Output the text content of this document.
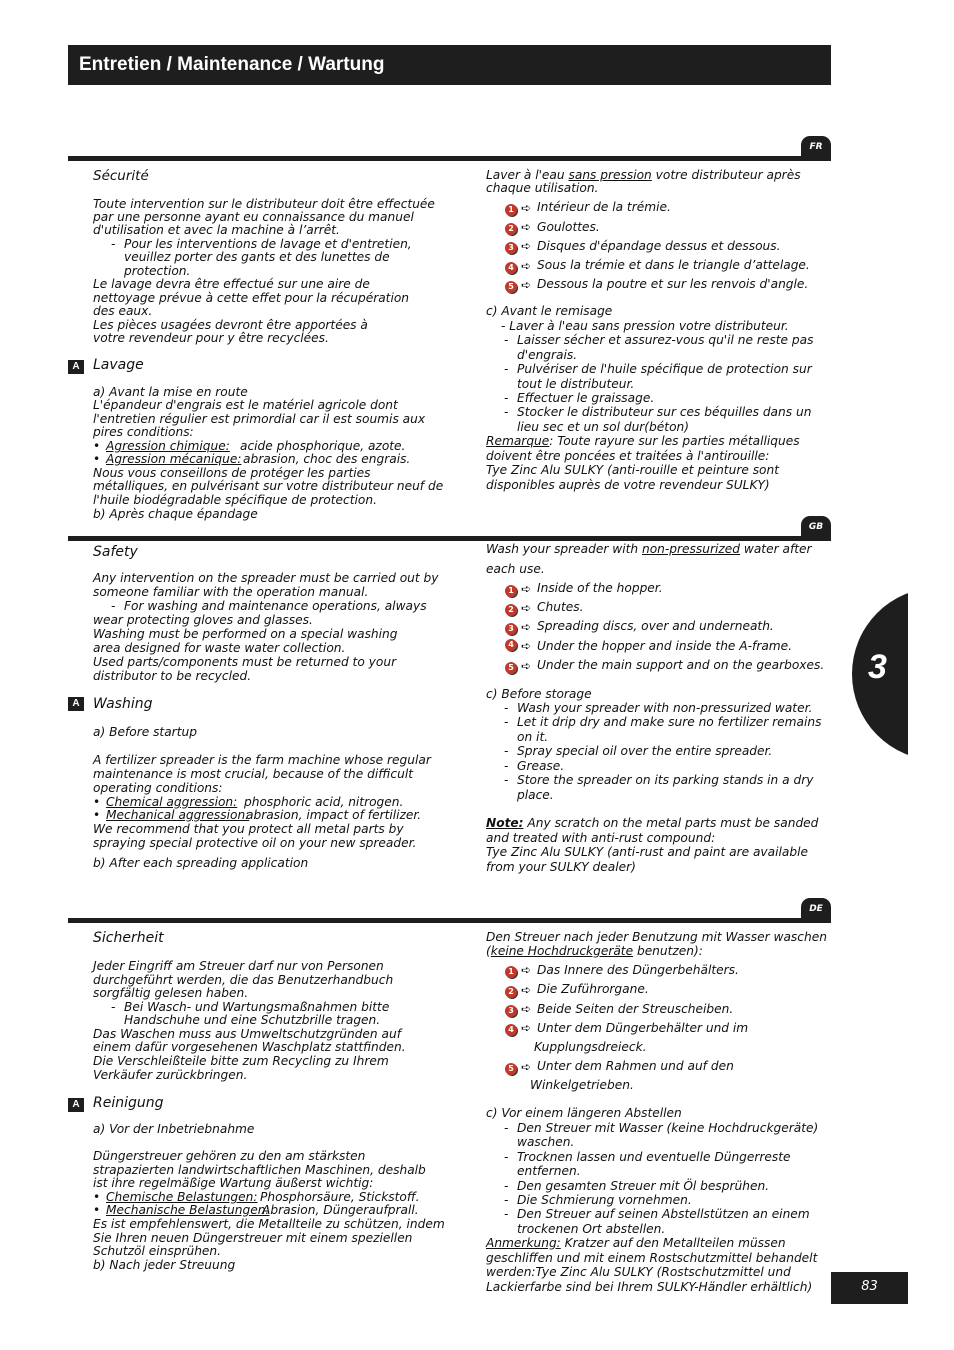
Entretien / Maintenance / Wartung
3
FR
Sécurité
Toute intervention sur le distributeur doit être effectuée
par une personne ayant eu connaissance du manuel
d'utilisation et avec la machine à l’arrêt.
- Pour les interventions de lavage et d'entretien,
veuillez porter des gants et des lunettes de
protection.
Le lavage devra être effectué sur une aire de
nettoyage prévue à cette effet pour la récupération
des eaux.
Les pièces usagées devront être apportées à
votre revendeur pour y être recyclées.
A Lavage
a) Avant la mise en route
L'épandeur d'engrais est le matériel agricole dont
l'entretien régulier est primordial car il est soumis aux
pires conditions:
• Agression chimique: acide phosphorique, azote.
• Agression mécanique: abrasion, choc des engrais.
Nous vous conseillons de protéger les parties
métalliques, en pulvérisant sur votre distributeur neuf de
l'huile biodégradable spécifique de protection.
b) Après chaque épandage
Laver à l'eau sans pression votre distributeur après
chaque utilisation.
1 ➪ Intérieur de la trémie.
2 ➪ Goulottes.
3 ➪ Disques d'épandage dessus et dessous.
4 ➪ Sous la trémie et dans le triangle d’attelage.
5 ➪ Dessous la poutre et sur les renvois d'angle.
c) Avant le remisage
- Laver à l'eau sans pression votre distributeur.
- Laisser sécher et assurez-vous qu'il ne reste pas
d'engrais.
- Pulvériser de l'huile spécifique de protection sur
tout le distributeur.
- Effectuer le graissage.
- Stocker le distributeur sur ces béquilles dans un
lieu sec et un sol dur(béton)
Remarque: Toute rayure sur les parties métalliques
doivent être poncées et traitées à l'antirouille:
Tye Zinc Alu SULKY (anti-rouille et peinture sont
disponibles auprès de votre revendeur SULKY)
GB
Safety
Any intervention on the spreader must be carried out by
someone familiar with the operation manual.
- For washing and maintenance operations, always
wear protecting gloves and glasses.
Washing must be performed on a special washing
area designed for waste water collection.
Used parts/components must be returned to your
distributor to be recycled.
A Washing
a) Before startup
A fertilizer spreader is the farm machine whose regular
maintenance is most crucial, because of the difficult
operating conditions:
• Chemical aggression: phosphoric acid, nitrogen.
• Mechanical aggression:
abrasion, impact of fertilizer.
We recommend that you protect all metal parts by
spraying special protective oil on your new spreader.
b) After each spreading application
Wash your spreader with non-pressurized water after
each use.
1 ➪ Inside of the hopper.
2 ➪ Chutes.
3 ➪ Spreading discs, over and underneath.
4 ➪ Under the hopper and inside the A-frame.
5 ➪ Under the main support and on the gearboxes.
c) Before storage
- Wash your spreader with non-pressurized water.
- Let it drip dry and make sure no fertilizer remains
on it.
- Spray special oil over the entire spreader.
- Grease.
- Store the spreader on its parking stands in a dry
place.
Note: Any scratch on the metal parts must be sanded
and treated with anti-rust compound:
Tye Zinc Alu SULKY (anti-rust and paint are available
from your SULKY dealer)
DE
Sicherheit
Jeder Eingriff am Streuer darf nur von Personen
durchgeführt werden, die das Benutzerhandbuch
sorgfältig gelesen haben.
- Bei Wasch- und Wartungsmaßnahmen bitte
Handschuhe und eine Schutzbrille tragen.
Das Waschen muss aus Umweltschutzgründen auf
einem dafür vorgesehenen Waschplatz stattfinden.
Die Verschleißteile bitte zum Recycling zu Ihrem
Verkäufer zurückbringen.
A Reinigung
a) Vor der Inbetriebnahme
Düngerstreuer gehören zu den am stärksten
strapazierten landwirtschaftlichen Maschinen, deshalb
ist ihre regelmäßige Wartung äußerst wichtig:
• Chemische Belastungen: Phosphorsäure, Stickstoff.
• Mechanische Belastungen:
Abrasion, Düngeraufprall.
Es ist empfehlenswert, die Metallteile zu schützen, indem
Sie Ihren neuen Düngerstreuer mit einem speziellen
Schutzöl einsprühen.
b) Nach jeder Streuung
Den Streuer nach jeder Benutzung mit Wasser waschen
(keine Hochdruckgeräte benutzen):
1 ➪ Das Innere des Düngerbehälters.
2 ➪ Die Zuführorgane.
3 ➪ Beide Seiten der Streuscheiben.
4 ➪ Unter dem Düngerbehälter und im
Kupplungsdreieck.
5 ➪ Unter dem Rahmen und auf den
Winkelgetrieben.
c) Vor einem längeren Abstellen
- Den Streuer mit Wasser (keine Hochdruckgeräte)
waschen.
- Trocknen lassen und eventuelle Düngerreste
entfernen.
- Den gesamten Streuer mit Öl besprühen.
- Die Schmierung vornehmen.
- Den Streuer auf seinen Abstellstützen an einem
trockenen Ort abstellen.
Anmerkung: Kratzer auf den Metallteilen müssen
geschliffen und mit einem Rostschutzmittel behandelt
werden:Tye Zinc Alu SULKY (Rostschutzmittel und
Lackierfarbe sind bei Ihrem SULKY-Händler erhältlich)	83
